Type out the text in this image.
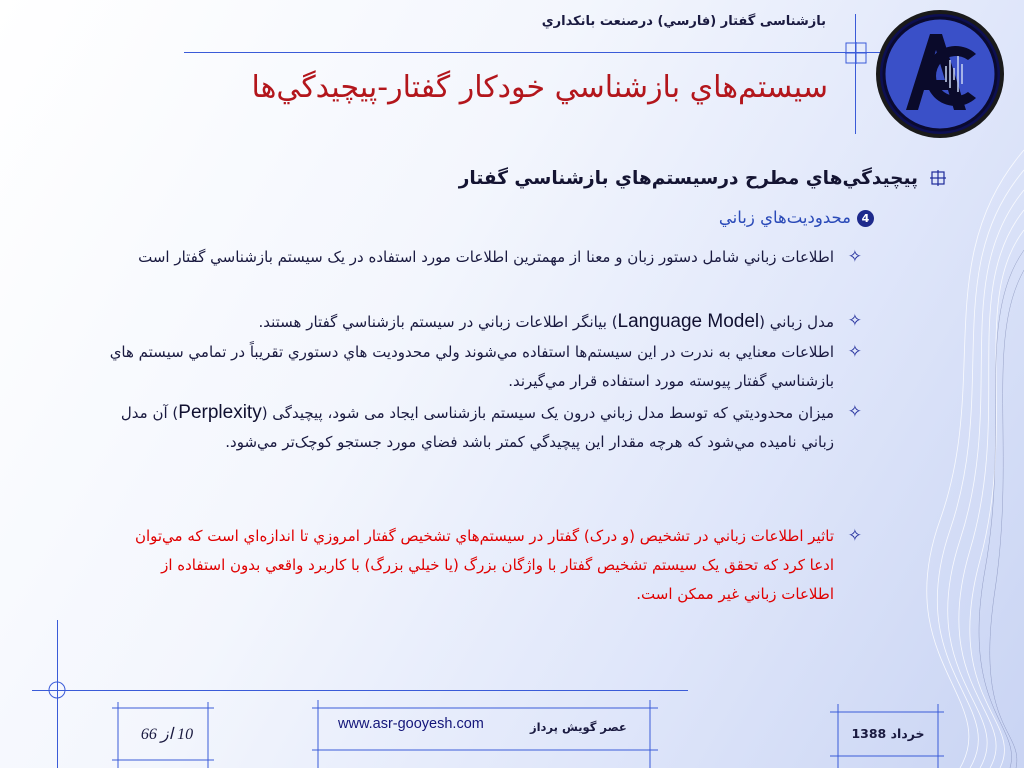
بازشناسی گفتار (فارسي) درصنعت بانکداري
سيستم‌هاي بازشناسي خودكار گفتار-پيچيدگي‌ها
پيچيدگي‌هاي مطرح درسيستم‌هاي بازشناسي گفتار
4محدوديت‌هاي زباني
✧
اطلاعات زباني شامل دستور زبان و معنا از مهمترين اطلاعات مورد استفاده در یک سیستم بازشناسي گفتار است
✧
مدل زباني (Language Model) بيانگر اطلاعات زباني در سيستم بازشناسي گفتار هستند.
✧
اطلاعات معنايي به ندرت در اين سيستم‌ها استفاده مي‌شوند ولي محدوديت هاي دستوري تقريباً در تمامي سيستم هاي بازشناسي گفتار پيوسته مورد استفاده قرار مي‌گيرند.
✧
ميزان محدوديتي كه توسط مدل زباني درون یک سیستم بازشناسی ایجاد می شود، پیچیدگی (Perplexity) آن مدل زباني ناميده مي‌شود كه هرچه مقدار اين پيچيدگي كمتر باشد فضاي مورد جستجو كوچک‌تر مي‌شود.
✧
تاثير اطلاعات زباني در تشخيص (و درک) گفتار در سيستم‌هاي تشخيص گفتار امروزي تا اندازه‌اي است كه مي‌توان ادعا كرد كه تحقق یک سیستم تشخيص گفتار با واژگان بزرگ (يا خيلي بزرگ) با كاربرد واقعي بدون استفاده از اطلاعات زباني غير ممكن است.
10 از 66
www.asr-gooyesh.com	عصر گويش پرداز	خرداد 1388
